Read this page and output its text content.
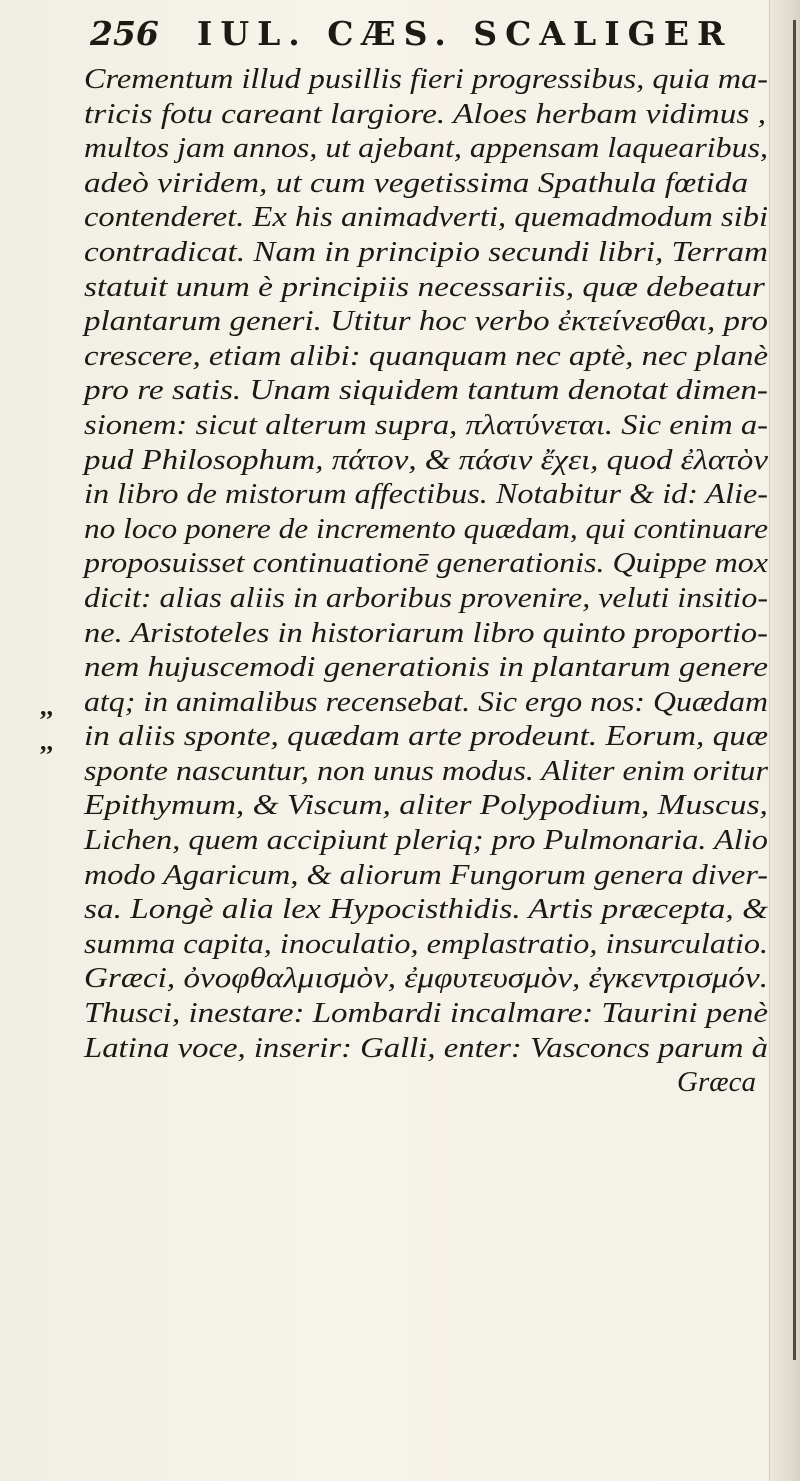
256 IUL. CÆS. SCALIGER
Crementum illud pusillis fieri progressibus, quia ma-
tricis fotu careant largiore. Aloes herbam vidimus ,
multos jam annos, ut ajebant, appensam laquearibus,
adeò viridem, ut cum vegetissima Spathula fœtida
contenderet. Ex his animadverti, quemadmodum sibi
contradicat. Nam in principio secundi libri, Terram
statuit unum è principiis necessariis, quæ debeatur
plantarum generi. Utitur hoc verbo ἐκτείνεσθαι, pro
crescere, etiam alibi: quanquam nec aptè, nec planè
pro re satis. Unam siquidem tantum denotat dimen-
sionem: sicut alterum supra, πλατύνεται. Sic enim a-
pud Philosophum, πάτον, & πάσιν ἔχει, quod ἐλατὸν
in libro de mistorum affectibus. Notabitur & id: Alie-
no loco ponere de incremento quædam, qui continuare
proposuisset continuationē generationis. Quippe mox
dicit: alias aliis in arboribus provenire, veluti insitio-
ne. Aristoteles in historiarum libro quinto proportio-
nem hujuscemodi generationis in plantarum genere
atq; in animalibus recensebat. Sic ergo nos: Quædam
in aliis sponte, quædam arte prodeunt. Eorum, quæ
sponte nascuntur, non unus modus. Aliter enim oritur
Epithymum, & Viscum, aliter Polypodium, Muscus,
Lichen, quem accipiunt pleriq; pro Pulmonaria. Alio
modo Agaricum, & aliorum Fungorum genera diver-
sa. Longè alia lex Hypocisthidis. Artis præcepta, &
summa capita, inoculatio, emplastratio, insurculatio.
Græci, ὀνοφθαλμισμὸν, ἐμφυτευσμὸν, ἐγκεντρισμόν.
Thusci, inestare: Lombardi incalmare: Taurini penè
Latina voce, inserir: Galli, enter: Vasconcs parum à
Græca
,,
,,
